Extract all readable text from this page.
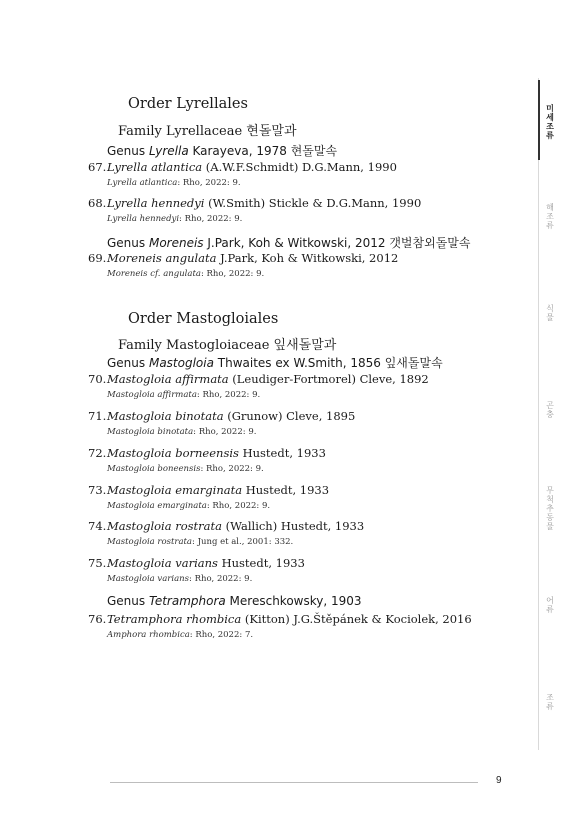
Order Lyrellales
Family Lyrellaceae 현돌말과
Genus Lyrella Karayeva, 1978 현돌말속
67.Lyrella atlantica (A.W.F.Schmidt) D.G.Mann, 1990
Lyrella atlantica: Rho, 2022: 9.
68.Lyrella hennedyi (W.Smith) Stickle & D.G.Mann, 1990
Lyrella hennedyi: Rho, 2022: 9.
Genus Moreneis J.Park, Koh & Witkowski, 2012 갯벌참외돌말속
69.Moreneis angulata J.Park, Koh & Witkowski, 2012
Moreneis cf. angulata: Rho, 2022: 9.
Order Mastogloiales
Family Mastogloiaceae 잎새돌말과
Genus Mastogloia Thwaites ex W.Smith, 1856 잎새돌말속
70.Mastogloia affirmata (Leudiger-Fortmorel) Cleve, 1892
Mastogloia affirmata: Rho, 2022: 9.
71.Mastogloia binotata (Grunow) Cleve, 1895
Mastogloia binotata: Rho, 2022: 9.
72.Mastogloia borneensis Hustedt, 1933
Mastogloia boneensis: Rho, 2022: 9.
73.Mastogloia emarginata Hustedt, 1933
Mastogloia emarginata: Rho, 2022: 9.
74.Mastogloia rostrata (Wallich) Hustedt, 1933
Mastogloia rostrata: Jung et al., 2001: 332.
75.Mastogloia varians Hustedt, 1933
Mastogloia varians: Rho, 2022: 9.
Genus Tetramphora Mereschkowsky, 1903
76.Tetramphora rhombica (Kitton) J.G.Štěpánek & Kociolek, 2016
Amphora rhombica: Rho, 2022: 7.
미세조류
해조류
식물
곤충
무척추동물
어류
조류
9
